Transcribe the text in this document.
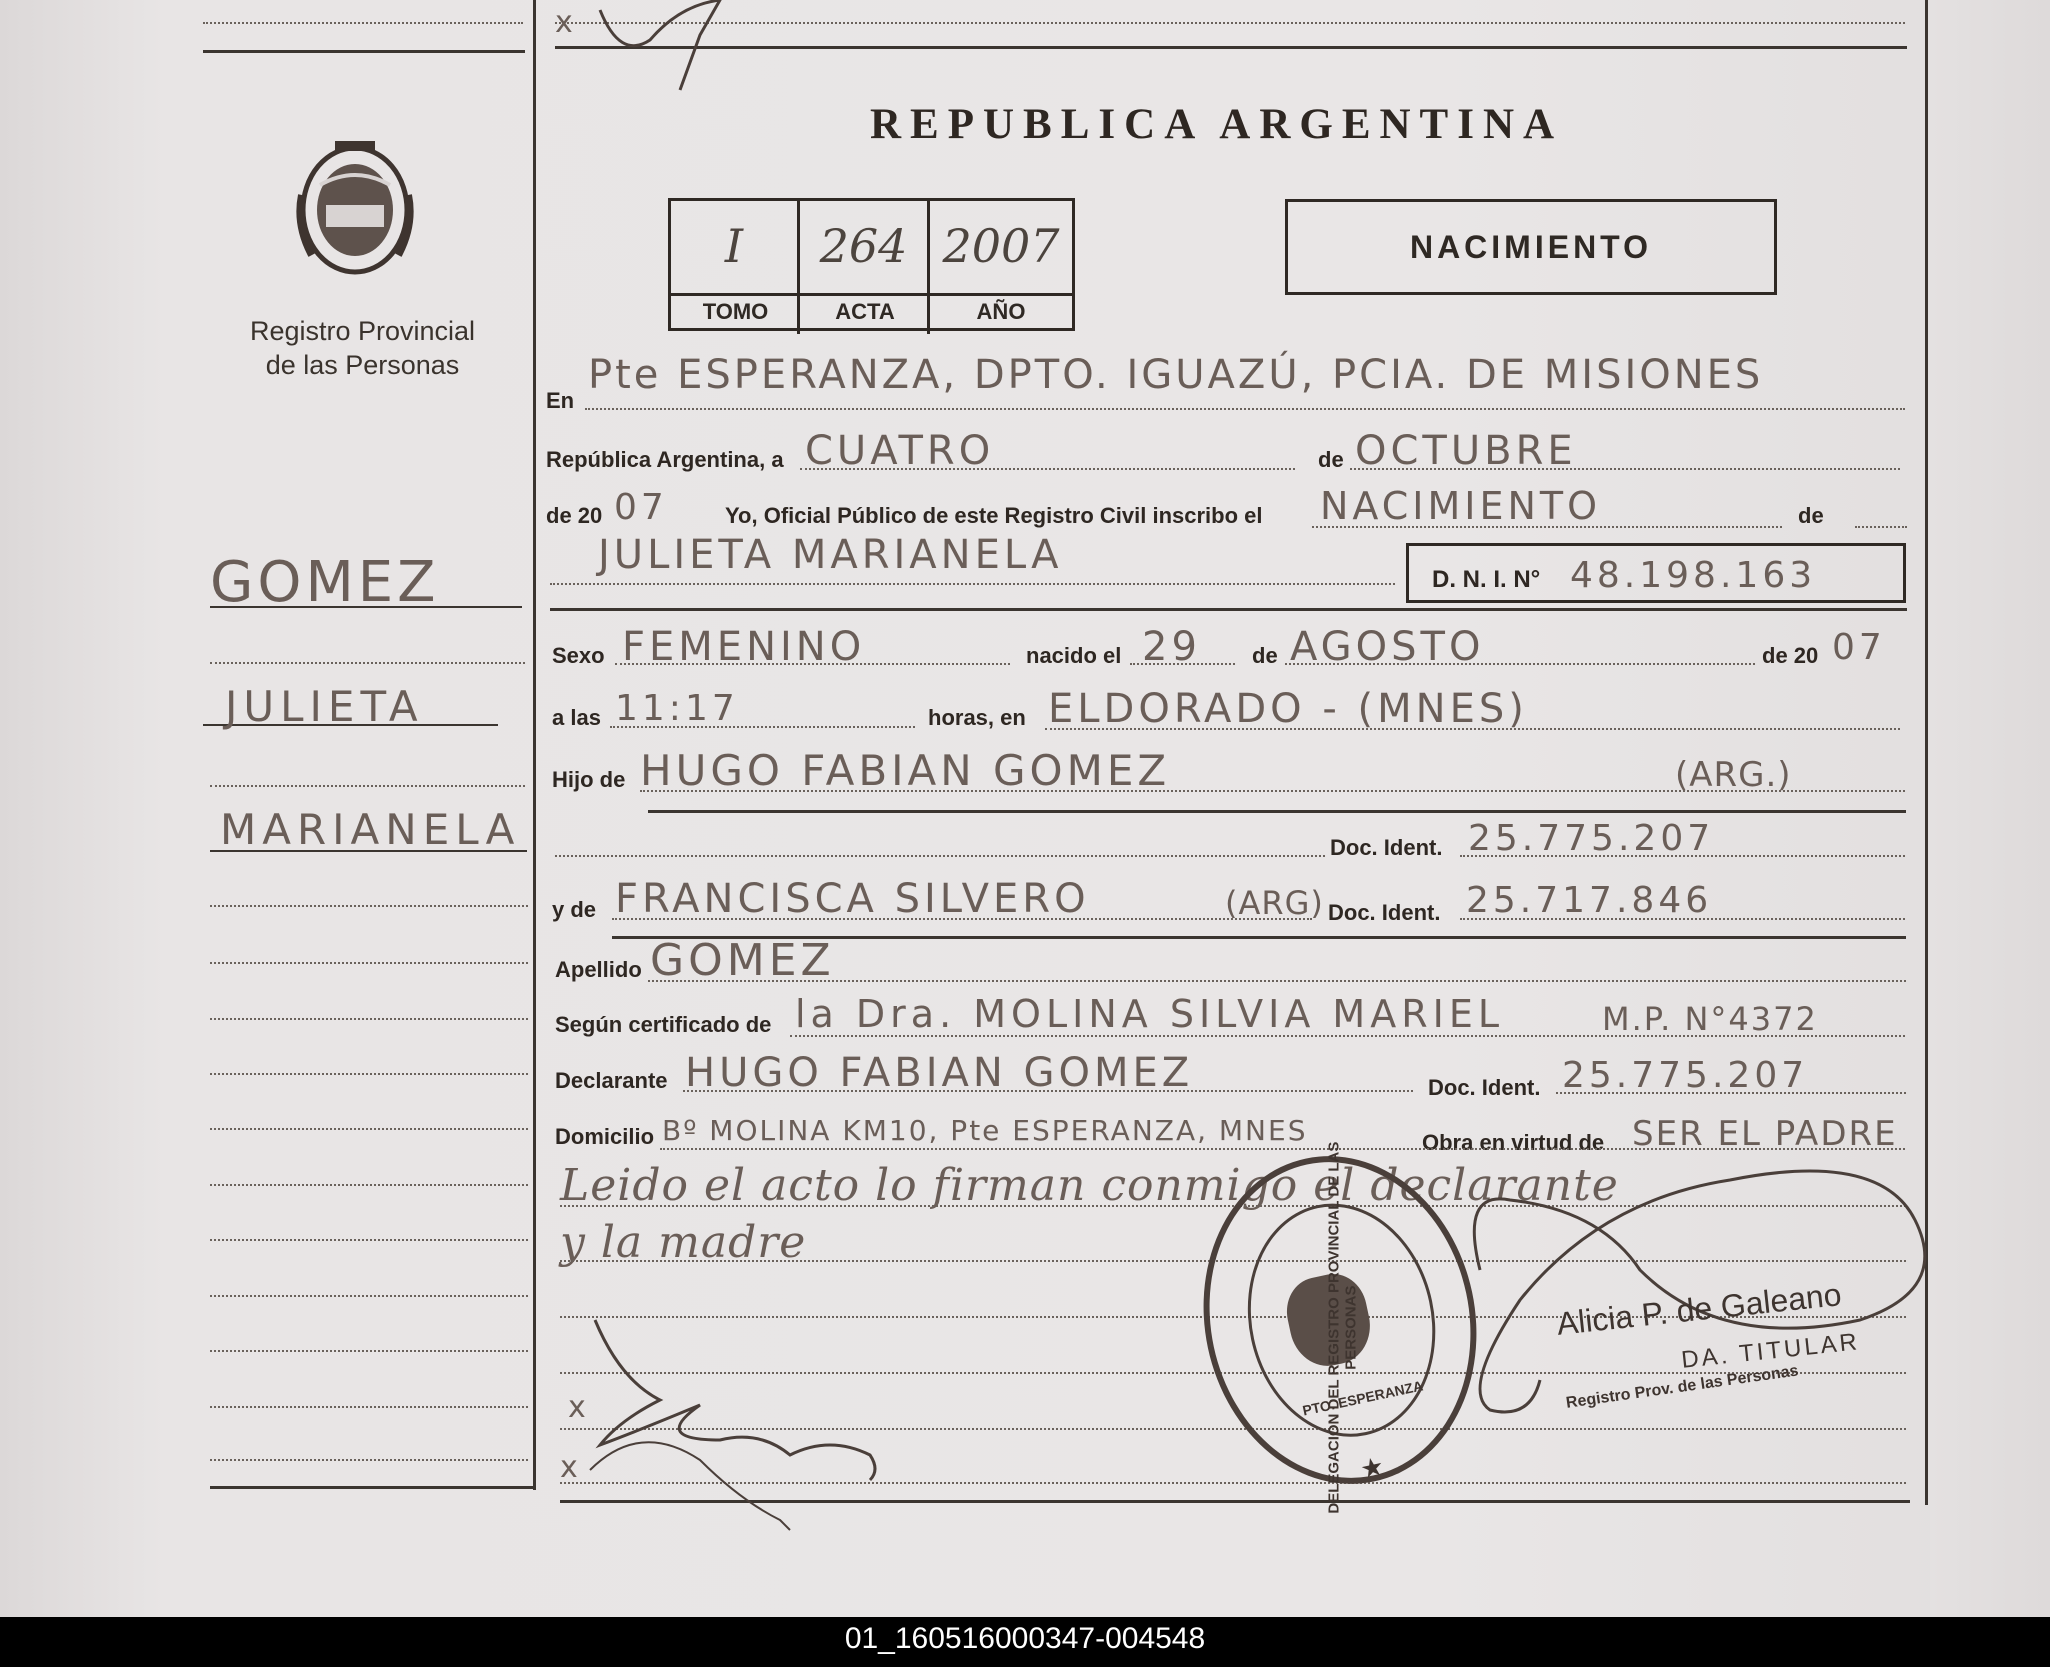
Registro Provincial
de las Personas
REPUBLICA ARGENTINA
I	264 2007
TOMO	ACTA	AÑO
NACIMIENTO
En
Pte ESPERANZA, DPTO. IGUAZÚ, PCIA. DE MISIONES
República Argentina, a CUATRO	de OCTUBRE
de 20 07	Yo, Oficial Público de este Registro Civil inscribo el NACIMIENTO	de
JULIETA MARIANELA
D. N. I. N° 48.198.163
Sexo FEMENINO	nacido el 29 de AGOSTO	de 20 07
a las 11:17	horas, en ELDORADO - (MNES)
Hijo de HUGO FABIAN GOMEZ	(ARG.)
Doc. Ident. 25.775.207
y de FRANCISCA SILVERO	(ARG) Doc. Ident. 25.717.846
Apellido GOMEZ
Según certificado de la Dra. MOLINA SILVIA MARIEL	M.P. N°4372
Declarante HUGO FABIAN GOMEZ	Doc. Ident. 25.775.207
Domicilio Bº MOLINA KM10, Pte ESPERANZA, MNES	Obra en virtud de SER EL PADRE
Leido el acto lo firman conmigo el declarante
y la madre
GOMEZ
JULIETA
MARIANELA
x
x
x	★
DELEGACION DEL REGISTRO PROVINCIAL DE LAS PERSONAS
PTO. ESPERANZA
Alicia P. de Galeano
DA. TITULAR
Registro Prov. de las Personas
01_160516000347-004548
